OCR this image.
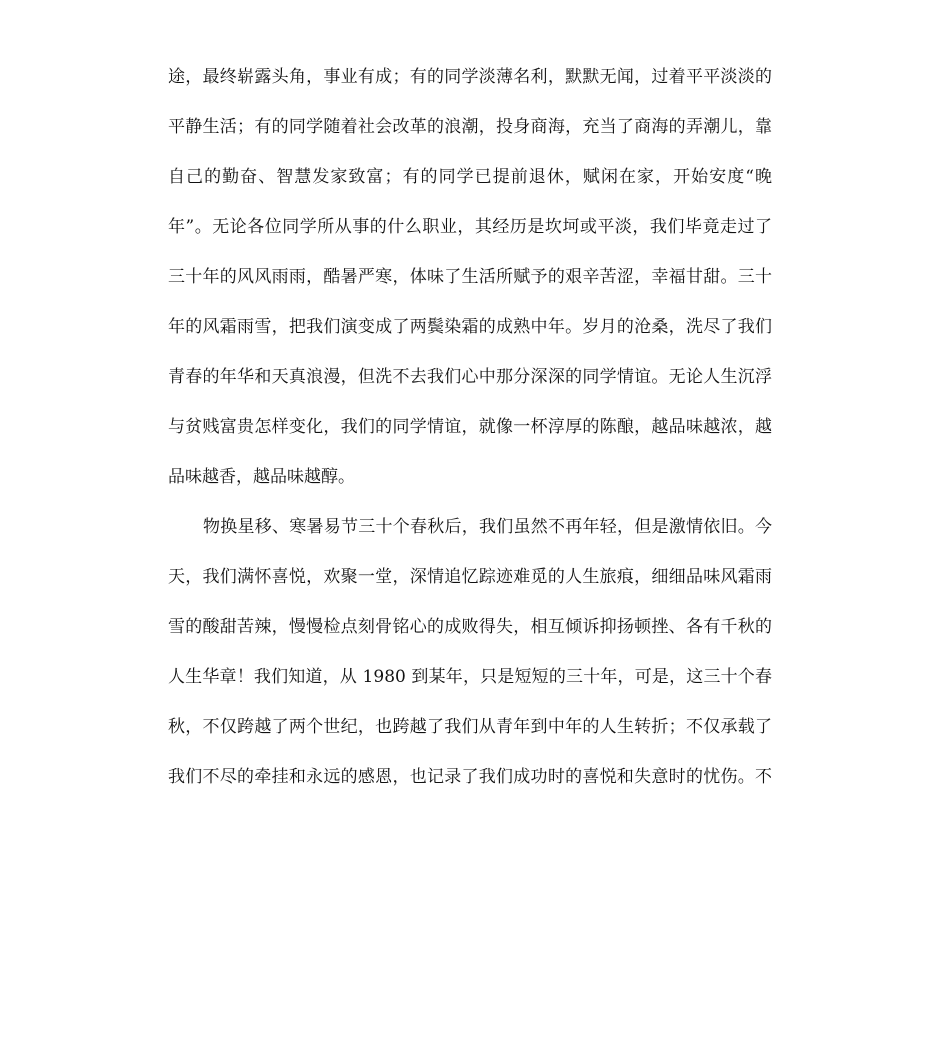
途，最终崭露头角，事业有成；有的同学淡薄名利，默默无闻，过着平平淡淡的
平静生活；有的同学随着社会改革的浪潮，投身商海，充当了商海的弄潮儿，靠
自己的勤奋、智慧发家致富；有的同学已提前退休，赋闲在家，开始安度“晚
年”。无论各位同学所从事的什么职业，其经历是坎坷或平淡，我们毕竟走过了
三十年的风风雨雨，酷暑严寒，体味了生活所赋予的艰辛苦涩，幸福甘甜。三十
年的风霜雨雪，把我们演变成了两鬓染霜的成熟中年。岁月的沧桑，洗尽了我们
青春的年华和天真浪漫，但洗不去我们心中那分深深的同学情谊。无论人生沉浮
与贫贱富贵怎样变化，我们的同学情谊，就像一杯淳厚的陈酿，越品味越浓，越
品味越香，越品味越醇。
物换星移、寒暑易节三十个春秋后，我们虽然不再年轻，但是激情依旧。今
天，我们满怀喜悦，欢聚一堂，深情追忆踪迹难觅的人生旅痕，细细品味风霜雨
雪的酸甜苦辣，慢慢检点刻骨铭心的成败得失，相互倾诉抑扬顿挫、各有千秋的
人生华章！我们知道，从 1980 到某年，只是短短的三十年，可是，这三十个春
秋，不仅跨越了两个世纪，也跨越了我们从青年到中年的人生转折；不仅承载了
我们不尽的牵挂和永远的感恩，也记录了我们成功时的喜悦和失意时的忧伤。不
